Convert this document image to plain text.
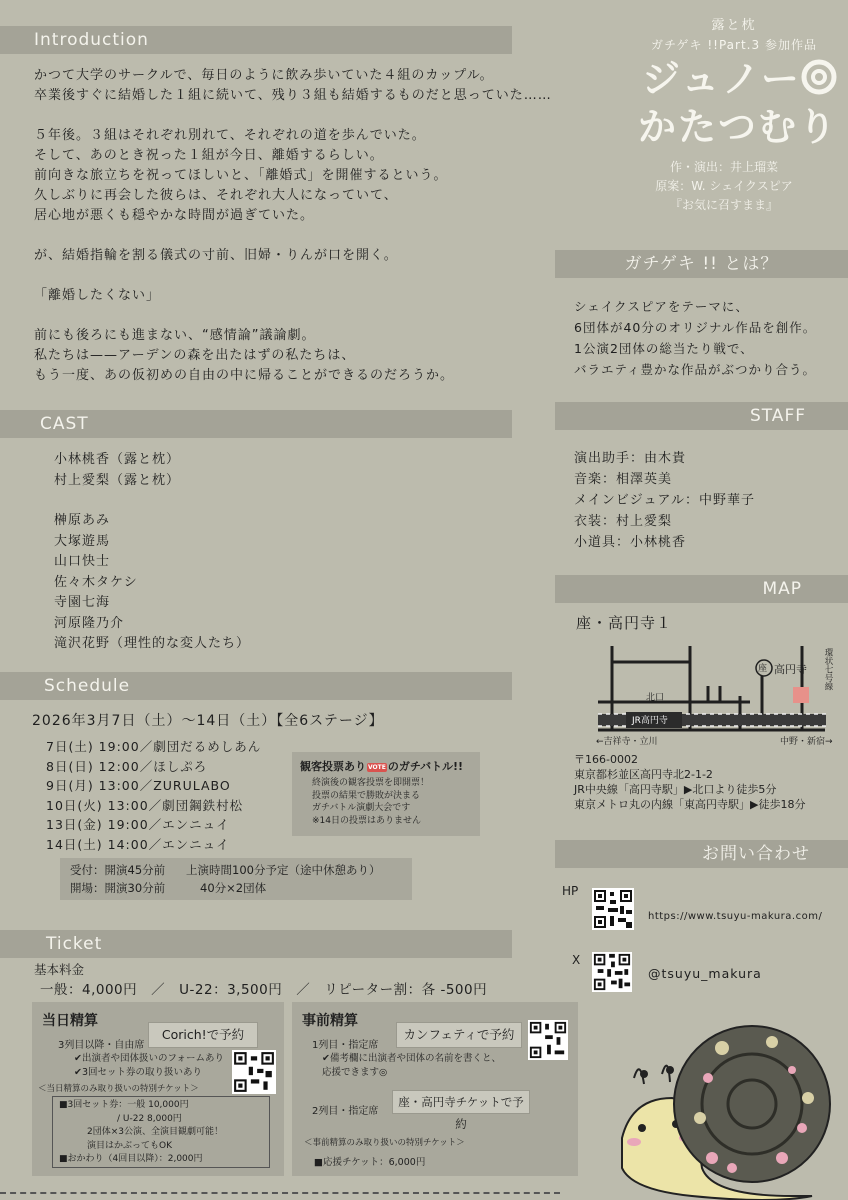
露と枕
ガチゲキ !!Part.3 参加作品
ジュノー
かたつむり
作・演出：井上瑠菜
原案：W. シェイクスピア
『お気に召すまま』
Introduction
かつて大学のサークルで、毎日のように飲み歩いていた４組のカップル。
卒業後すぐに結婚した１組に続いて、残り３組も結婚するものだと思っていた……
５年後。３組はそれぞれ別れて、それぞれの道を歩んでいた。
そして、あのとき祝った１組が今日、離婚するらしい。
前向きな旅立ちを祝ってほしいと、「離婚式」を開催するという。
久しぶりに再会した彼らは、それぞれ大人になっていて、
居心地が悪くも穏やかな時間が過ぎていた。
が、結婚指輪を割る儀式の寸前、旧婦・りんが口を開く。
「離婚したくない」
前にも後ろにも進まない、“感情論”議論劇。
私たちは——アーデンの森を出たはずの私たちは、
もう一度、あの仮初めの自由の中に帰ることができるのだろうか。
ガチゲキ !! とは？
シェイクスピアをテーマに、
6団体が40分のオリジナル作品を創作。
1公演2団体の総当たり戦で、
バラエティ豊かな作品がぶつかり合う。
CAST
小林桃香（露と枕）
村上愛梨（露と枕）
榊原あみ
大塚遊馬
山口快士
佐々木タケシ
寺園七海
河原隆乃介
滝沢花野（理性的な変人たち）
STAFF
演出助手：由木貴
音楽：相澤英美
メインビジュアル：中野華子
衣装：村上愛梨
小道具：小林桃香
MAP
座・高円寺１
JR高円寺
北口
座 高円寺 環状七号線
←吉祥寺・立川	中野・新宿→
〒166-0002
東京都杉並区高円寺北2-1-2
JR中央線「高円寺駅」▶北口より徒歩5分
東京メトロ丸の内線「東高円寺駅」▶徒歩18分
Schedule
2026年3月7日（土）〜14日（土）【全6ステージ】
7日(土) 19:00／劇団だるめしあん
8日(日) 12:00／ほしぷろ
9日(月) 13:00／ZURULABO
10日(火) 13:00／劇団鋼鉄村松
13日(金) 19:00／エンニュイ
14日(土) 14:00／エンニュイ
観客投票あり VOTE のガチバトル!!
終演後の観客投票を即開票！
投票の結果で勝敗が決まる
ガチバトル演劇大会です
※14日の投票はありません
受付：開演45分前	上演時間100分予定（途中休憩あり）
開場：開演30分前	40分×2団体
お問い合わせ
HP
https://www.tsuyu-makura.com/
X
@tsuyu_makura
Ticket
基本料金
一般：4,000円　／　U-22：3,500円　／　リピーター割：各 -500円
当日精算
3列目以降・自由席
Corich!で予約
✔出演者や団体扱いのフォームあり
✔3回セット券の取り扱いあり
＜当日精算のみ取り扱いの特別チケット＞
■3回セット券：一般 10,000円
/ U-22 8,000円
2団体×3公演、全演目観劇可能！
演目はかぶってもOK
■おかわり（4回目以降）：2,000円
事前精算
1列目・指定席
カンフェティで予約
✔備考欄に出演者や団体の名前を書くと、
応援できます◎
2列目・指定席
座・高円寺チケットで予約
＜事前精算のみ取り扱いの特別チケット＞
■応援チケット：6,000円
